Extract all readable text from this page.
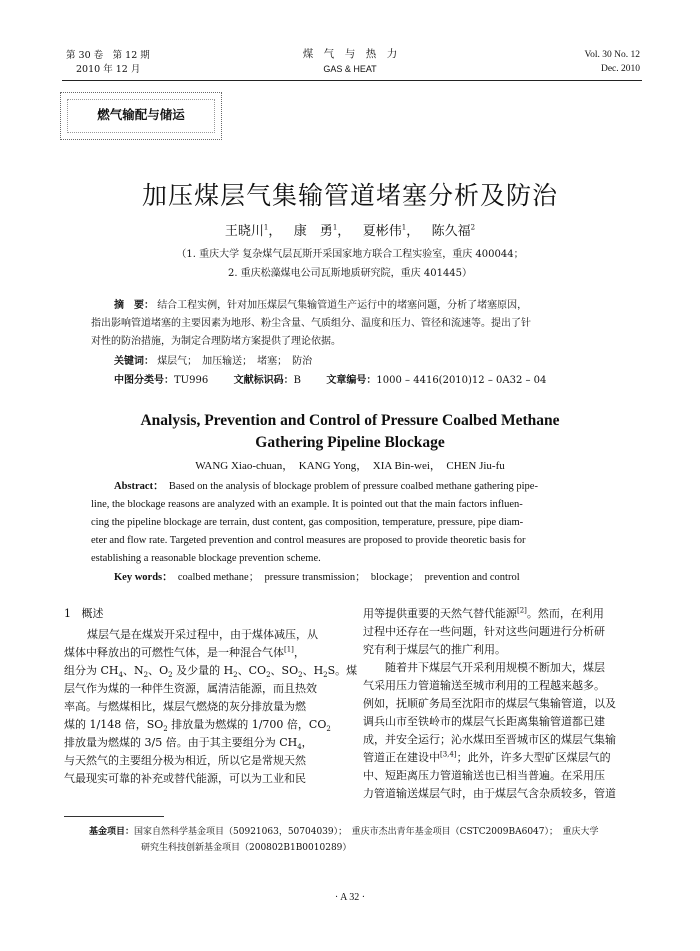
第 30 卷　第 12 期
2010 年 12 月
煤　气　与　热　力
GAS & HEAT
Vol. 30 No. 12
Dec. 2010
燃气输配与储运
加压煤层气集输管道堵塞分析及防治
王晓川$^1$， 康　勇$^1$， 夏彬伟$^1$， 陈久福$^2$
（1. 重庆大学 复杂煤气层瓦斯开采国家地方联合工程实验室，重庆 400044；
2. 重庆松藻煤电公司瓦斯地质研究院，重庆 401445）
摘　要： 结合工程实例，针对加压煤层气集输管道生产运行中的堵塞问题，分析了堵塞原因，
指出影响管道堵塞的主要因素为地形、粉尘含量、气质组分、温度和压力、管径和流速等。提出了针
对性的防治措施，为制定合理防堵方案提供了理论依据。
关键词： 煤层气；　加压输送；　堵塞；　防治
中图分类号：TU996	文献标识码：B	文章编号：1000 – 4416(2010)12 – 0A32 – 04
Analysis, Prevention and Control of Pressure Coalbed Methane
Gathering Pipeline Blockage
WANG Xiao-chuan，　KANG Yong，　XIA Bin-wei，　CHEN Jiu-fu
Abstract： Based on the analysis of blockage problem of pressure coalbed methane gathering pipe-
line, the blockage reasons are analyzed with an example. It is pointed out that the main factors influen-
cing the pipeline blockage are terrain, dust content, gas composition, temperature, pressure, pipe diam-
eter and flow rate. Targeted prevention and control measures are proposed to provide theoretic basis for
establishing a reasonable blockage prevention scheme.
Key words： coalbed methane；　pressure transmission；　blockage；　prevention and control
1 概述
煤层气是在煤炭开采过程中，由于煤体减压，从
煤体中释放出的可燃性气体，是一种混合气体[1]，
组分为 $CH_4$、$N_2$、$O_2$ 及少量的 $H_2$、$CO_2$、$SO_2$、$H_2S$。煤
层气作为煤的一种伴生资源，属清洁能源，而且热效
率高。与燃煤相比，煤层气燃烧的灰分排放量为燃
煤的 1/148 倍，$SO_2$ 排放量为燃煤的 1/700 倍，$CO_2$
排放量为燃煤的 3/5 倍。由于其主要组分为 $CH_4$，
与天然气的主要组分极为相近，所以它是常规天然
气最现实可靠的补充或替代能源，可以为工业和民
用等提供重要的天然气替代能源[2]。然而，在利用
过程中还存在一些问题，针对这些问题进行分析研
究有利于煤层气的推广利用。
随着井下煤层气开采利用规模不断加大，煤层
气采用压力管道输送至城市利用的工程越来越多。
例如，抚顺矿务局至沈阳市的煤层气集输管道，以及
调兵山市至铁岭市的煤层气长距离集输管道都已建
成，并安全运行；沁水煤田至晋城市区的煤层气集输
管道正在建设中[3,4]；此外，许多大型矿区煤层气的
中、短距离压力管道输送也已相当普遍。在采用压
力管道输送煤层气时，由于煤层气含杂质较多，管道
基金项目：国家自然科学基金项目（50921063，50704039）；　重庆市杰出青年基金项目（CSTC2009BA6047）；　重庆大学
研究生科技创新基金项目（200802B1B0010289）
· A 32 ·
